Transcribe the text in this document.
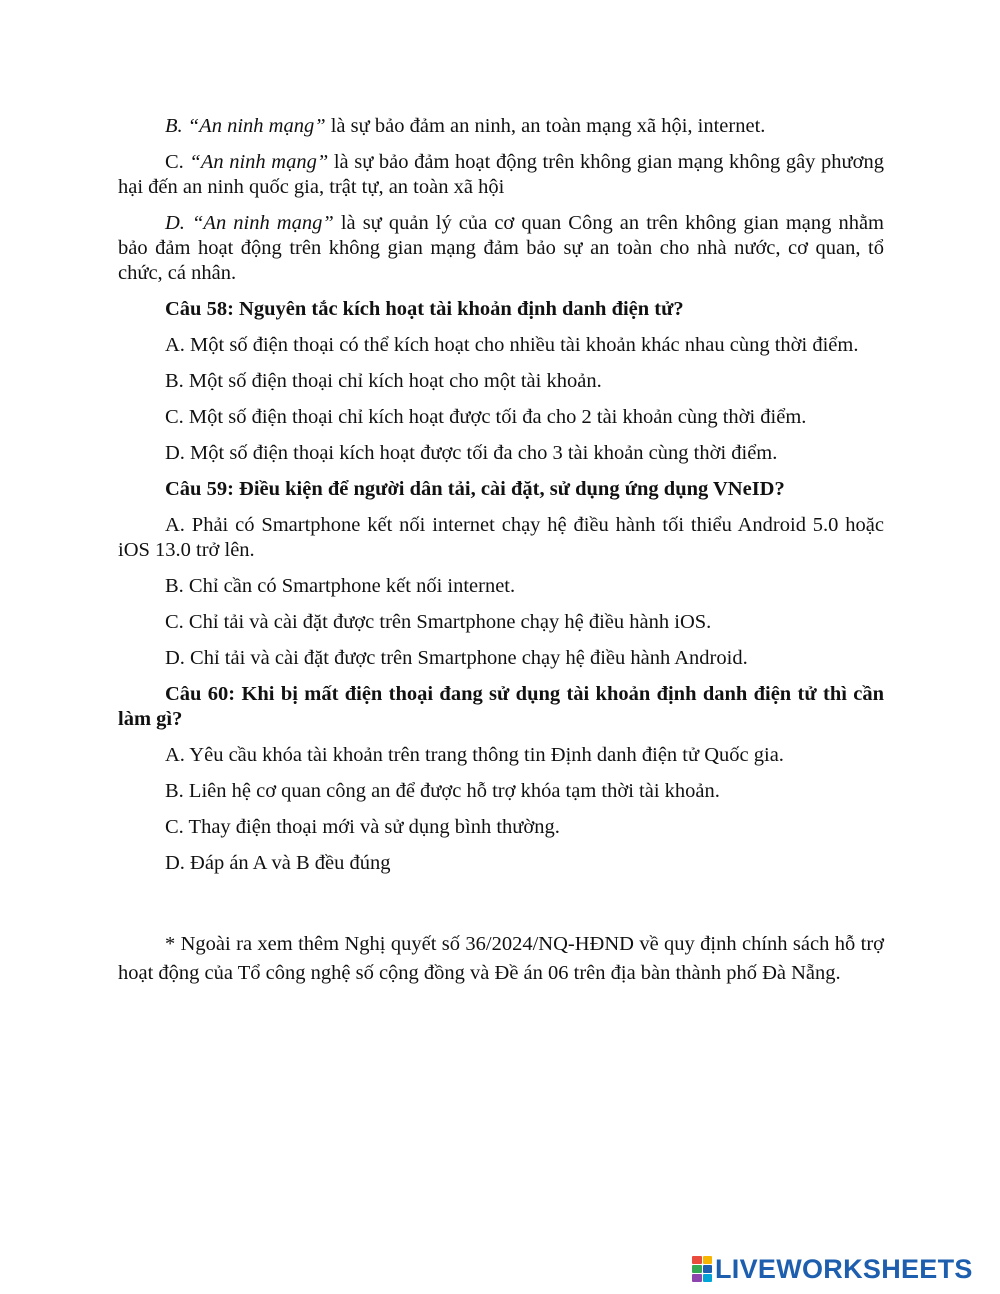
B. “An ninh mạng” là sự bảo đảm an ninh, an toàn mạng xã hội, internet.

C. “An ninh mạng” là sự bảo đảm hoạt động trên không gian mạng không gây phương hại đến an ninh quốc gia, trật tự, an toàn xã hội

D. “An ninh mạng” là sự quản lý của cơ quan Công an trên không gian mạng nhằm bảo đảm hoạt động trên không gian mạng đảm bảo sự an toàn cho nhà nước, cơ quan, tổ chức, cá nhân.

Câu 58: Nguyên tắc kích hoạt tài khoản định danh điện tử?

A. Một số điện thoại có thể kích hoạt cho nhiều tài khoản khác nhau cùng thời điểm.

B. Một số điện thoại chỉ kích hoạt cho một tài khoản.

C. Một số điện thoại chỉ kích hoạt được tối đa cho 2 tài khoản cùng thời điểm.

D. Một số điện thoại kích hoạt được tối đa cho 3 tài khoản cùng thời điểm.

Câu 59: Điều kiện để người dân tải, cài đặt, sử dụng ứng dụng VNeID?

A. Phải có Smartphone kết nối internet chạy hệ điều hành tối thiểu Android 5.0 hoặc iOS 13.0 trở lên.

B. Chỉ cần có Smartphone kết nối internet.

C. Chỉ tải và cài đặt được trên Smartphone chạy hệ điều hành iOS.

D. Chỉ tải và cài đặt được trên Smartphone chạy hệ điều hành Android.

Câu 60: Khi bị mất điện thoại đang sử dụng tài khoản định danh điện tử thì cần làm gì?

A. Yêu cầu khóa tài khoản trên trang thông tin Định danh điện tử Quốc gia.

B. Liên hệ cơ quan công an để được hỗ trợ khóa tạm thời tài khoản.

C. Thay điện thoại mới và sử dụng bình thường.

D. Đáp án A và B đều đúng

* Ngoài ra xem thêm Nghị quyết số 36/2024/NQ-HĐND về quy định chính sách hỗ trợ hoạt động của Tổ công nghệ số cộng đồng và Đề án 06 trên địa bàn thành phố Đà Nẵng.

LIVEWORKSHEETS
